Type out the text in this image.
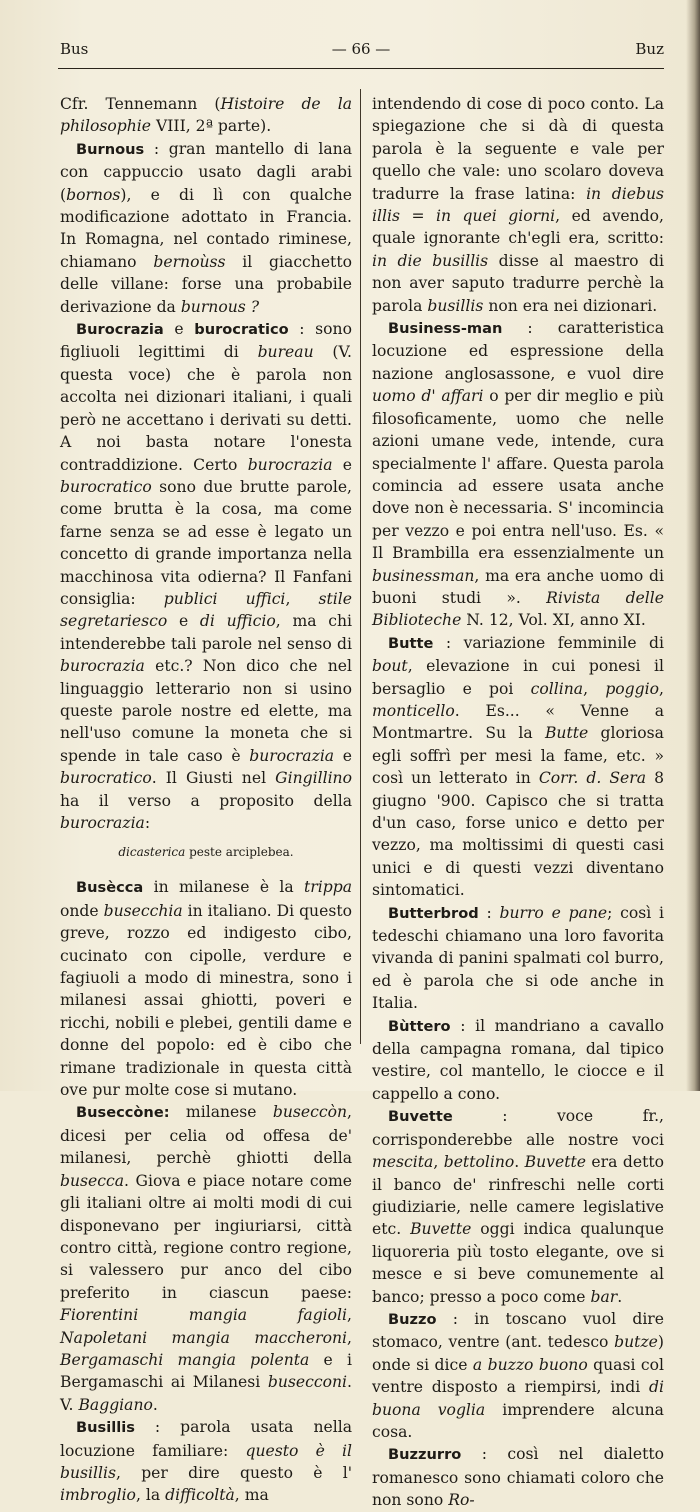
Bus	— 66 —	Buz

Cfr. Tennemann (Histoire de la philosophie VIII, 2ª parte).

Burnous : gran mantello di lana con cappuccio usato dagli arabi (bornos), e di lì con qualche modificazione adottato in Francia. In Romagna, nel contado riminese, chiamano bernoùss il giacchetto delle villane: forse una probabile derivazione da burnous ?

Burocrazia e burocratico : sono figliuoli legittimi di bureau (V. questa voce) che è parola non accolta nei dizionari italiani, i quali però ne accettano i derivati su detti. A noi basta notare l'onesta contraddizione. Certo burocrazia e burocratico sono due brutte parole, come brutta è la cosa, ma come farne senza se ad esse è legato un concetto di grande importanza nella macchinosa vita odierna? Il Fanfani consiglia: publici uffici, stile segretariesco e di ufficio, ma chi intenderebbe tali parole nel senso di burocrazia etc.? Non dico che nel linguaggio letterario non si usino queste parole nostre ed elette, ma nell'uso comune la moneta che si spende in tale caso è burocrazia e burocratico. Il Giusti nel Gingillino ha il verso a proposito della burocrazia:

dicasterica peste arciplebea.

Busècca in milanese è la trippa onde busecchia in italiano. Di questo greve, rozzo ed indigesto cibo, cucinato con cipolle, verdure e fagiuoli a modo di minestra, sono i milanesi assai ghiotti, poveri e ricchi, nobili e plebei, gentili dame e donne del popolo: ed è cibo che rimane tradizionale in questa città ove pur molte cose si mutano.

Buseccòne: milanese buseccòn, dicesi per celia od offesa de' milanesi, perchè ghiotti della busecca. Giova e piace notare come gli italiani oltre ai molti modi di cui disponevano per ingiuriarsi, città contro città, regione contro regione, si valessero pur anco del cibo preferito in ciascun paese: Fiorentini mangia fagioli, Napoletani mangia maccheroni, Bergamaschi mangia polenta e i Bergamaschi ai Milanesi busecconi. V. Baggiano.

Busillis : parola usata nella locuzione familiare: questo è il busillis, per dire questo è l' imbroglio, la difficoltà, ma

intendendo di cose di poco conto. La spiegazione che si dà di questa parola è la seguente e vale per quello che vale: uno scolaro doveva tradurre la frase latina: in diebus illis = in quei giorni, ed avendo, quale ignorante ch'egli era, scritto: in die busillis disse al maestro di non aver saputo tradurre perchè la parola busillis non era nei dizionari.

Business-man : caratteristica locuzione ed espressione della nazione anglosassone, e vuol dire uomo d' affari o per dir meglio e più filosoficamente, uomo che nelle azioni umane vede, intende, cura specialmente l' affare. Questa parola comincia ad essere usata anche dove non è necessaria. S' incomincia per vezzo e poi entra nell'uso. Es. « Il Brambilla era essenzialmente un businessman, ma era anche uomo di buoni studi ». Rivista delle Biblioteche N. 12, Vol. XI, anno XI.

Butte : variazione femminile di bout, elevazione in cui ponesi il bersaglio e poi collina, poggio, monticello. Es... « Venne a Montmartre. Su la Butte gloriosa egli soffrì per mesi la fame, etc. » così un letterato in Corr. d. Sera 8 giugno '900. Capisco che si tratta d'un caso, forse unico e detto per vezzo, ma moltissimi di questi casi unici e di questi vezzi diventano sintomatici.

Butterbrod : burro e pane; così i tedeschi chiamano una loro favorita vivanda di panini spalmati col burro, ed è parola che si ode anche in Italia.

Bùttero : il mandriano a cavallo della campagna romana, dal tipico vestire, col mantello, le ciocce e il cappello a cono.

Buvette : voce fr., corrisponderebbe alle nostre voci mescita, bettolino. Buvette era detto il banco de' rinfreschi nelle corti giudiziarie, nelle camere legislative etc. Buvette oggi indica qualunque liquoreria più tosto elegante, ove si mesce e si beve comunemente al banco; presso a poco come bar.

Buzzo : in toscano vuol dire stomaco, ventre (ant. tedesco butze) onde si dice a buzzo buono quasi col ventre disposto a riempirsi, indi di buona voglia imprendere alcuna cosa.

Buzzurro : così nel dialetto romanesco sono chiamati coloro che non sono Ro-
